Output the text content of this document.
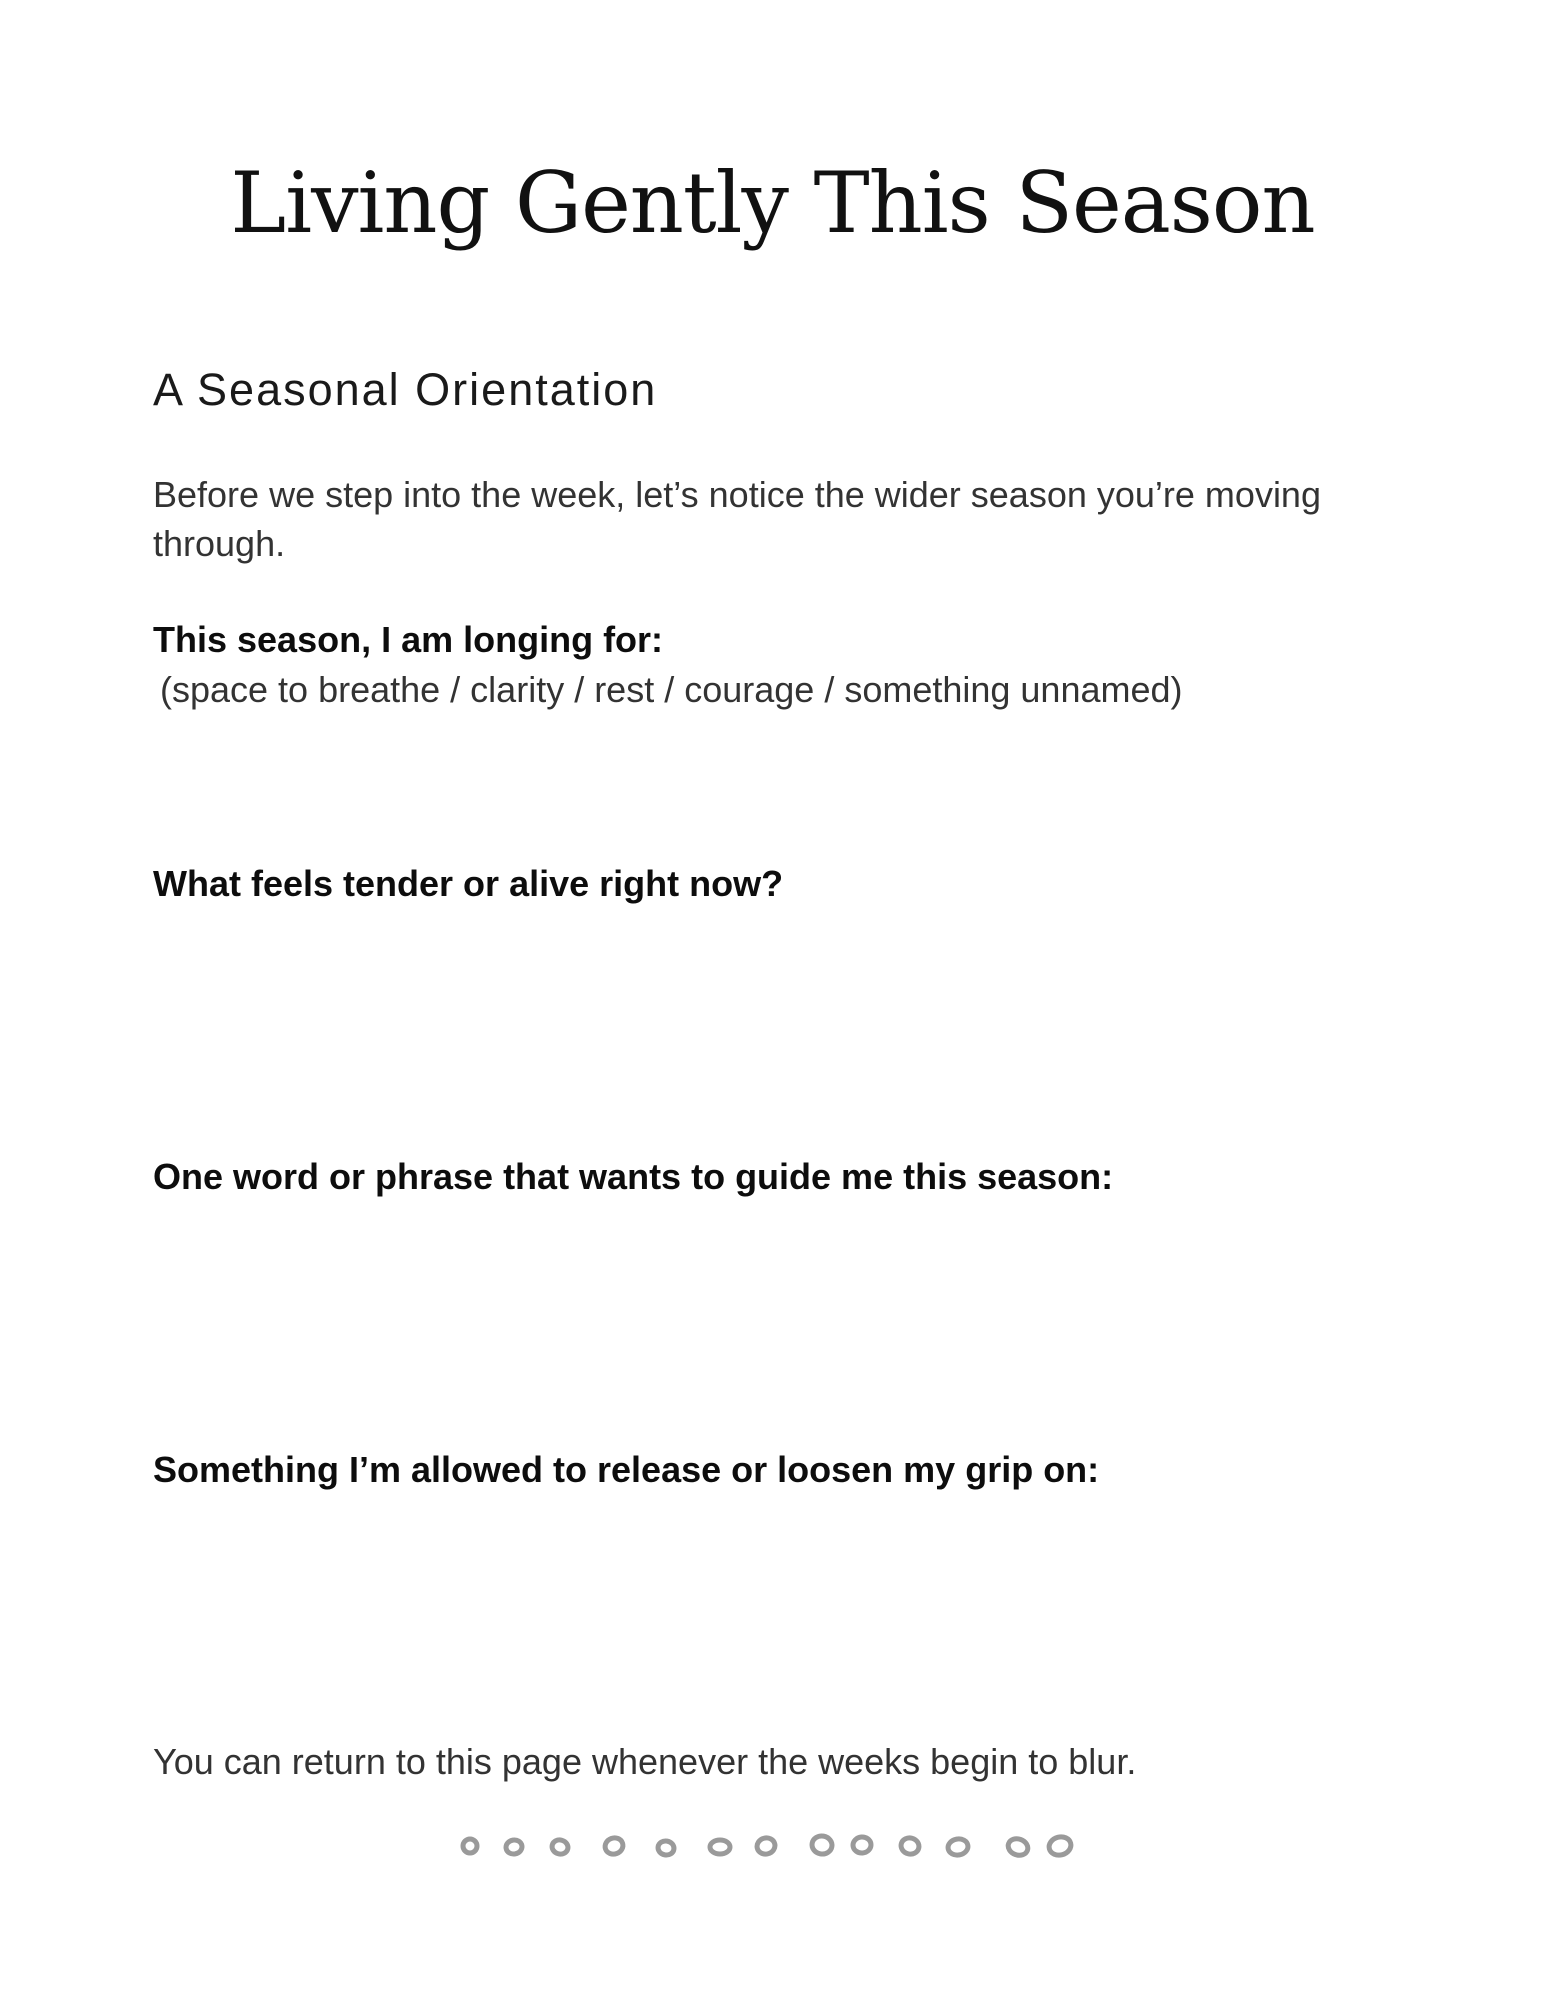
Living Gently This Season
A Seasonal Orientation

Before we step into the week, let’s notice the wider season you’re moving through.

This season, I am longing for:

(space to breathe / clarity / rest / courage / something unnamed)

What feels tender or alive right now?

One word or phrase that wants to guide me this season:

Something I’m allowed to release or loosen my grip on:

You can return to this page whenever the weeks begin to blur.
